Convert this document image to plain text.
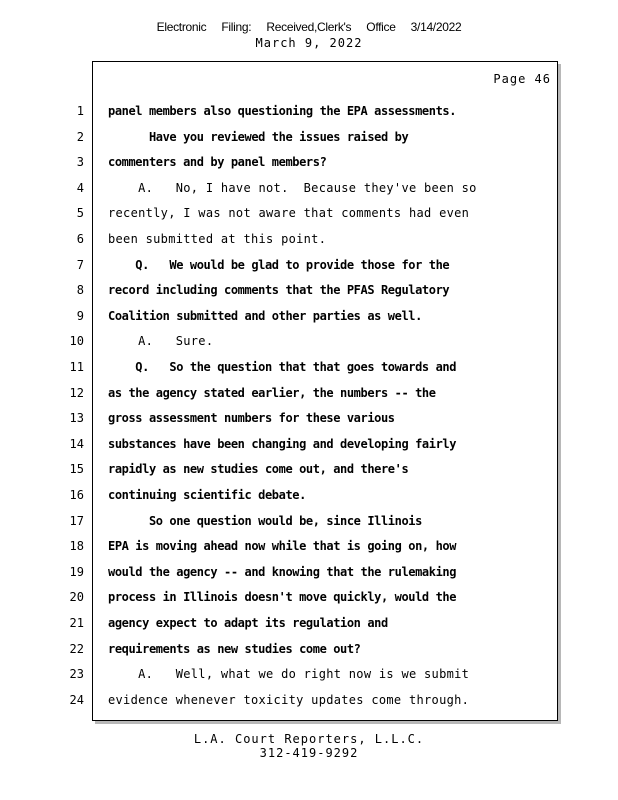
Electronic Filing: Received,Clerk's Office 3/14/2022
March 9, 2022
Page 46
1 panel members also questioning the EPA assessments.
2 Have you reviewed the issues raised by
3 commenters and by panel members?
4 A.   No, I have not.  Because they've been so
5 recently, I was not aware that comments had even
6 been submitted at this point.
7 Q.   We would be glad to provide those for the
8 record including comments that the PFAS Regulatory
9 Coalition submitted and other parties as well.
10 A.   Sure.
11 Q.   So the question that that goes towards and
12 as the agency stated earlier, the numbers -- the
13 gross assessment numbers for these various
14 substances have been changing and developing fairly
15 rapidly as new studies come out, and there's
16 continuing scientific debate.
17 So one question would be, since Illinois
18 EPA is moving ahead now while that is going on, how
19 would the agency -- and knowing that the rulemaking
20 process in Illinois doesn't move quickly, would the
21 agency expect to adapt its regulation and
22 requirements as new studies come out?
23 A.   Well, what we do right now is we submit
24 evidence whenever toxicity updates come through.
L.A. Court Reporters, L.L.C.
312-419-9292
